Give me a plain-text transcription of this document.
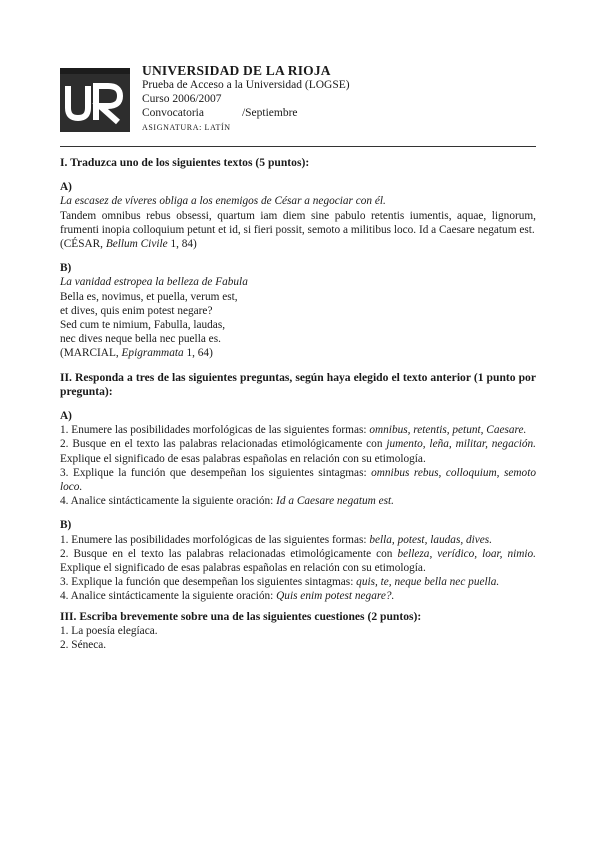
UNIVERSIDAD DE LA RIOJA
Prueba de Acceso a la Universidad (LOGSE)
Curso 2006/2007
Convocatoria	/Septiembre
ASIGNATURA: LATÍN

I. Traduzca uno de los siguientes textos (5 puntos):

A)

La escasez de víveres obliga a los enemigos de César a negociar con él.

Tandem omnibus rebus obsessi, quartum iam diem sine pabulo retentis iumentis, aquae, lignorum, frumenti inopia colloquium petunt et id, si fieri possit, semoto a militibus loco. Id a Caesare negatum est.

(CÉSAR, Bellum Civile 1, 84)

B)

La vanidad estropea la belleza de Fabula

Bella es, novimus, et puella, verum est,

et dives, quis enim potest negare?

Sed cum te nimium, Fabulla, laudas,

nec dives neque bella nec puella es.

(MARCIAL, Epigrammata 1, 64)

II. Responda a tres de las siguientes preguntas, según haya elegido el texto anterior (1 punto por pregunta):

A)

1. Enumere las posibilidades morfológicas de las siguientes formas: omnibus, retentis, petunt, Caesare.

2. Busque en el texto las palabras relacionadas etimológicamente con jumento, leña, militar, negación. Explique el significado de esas palabras españolas en relación con su etimología.

3. Explique la función que desempeñan los siguientes sintagmas: omnibus rebus, colloquium, semoto loco.

4. Analice sintácticamente la siguiente oración: Id a Caesare negatum est.

B)

1. Enumere las posibilidades morfológicas de las siguientes formas: bella, potest, laudas, dives.

2. Busque en el texto las palabras relacionadas etimológicamente con belleza, verídico, loar, nimio. Explique el significado de esas palabras españolas en relación con su etimología.

3. Explique la función que desempeñan los siguientes sintagmas: quis, te, neque bella nec puella.

4. Analice sintácticamente la siguiente oración: Quis enim potest negare?.

III. Escriba brevemente sobre una de las siguientes cuestiones (2 puntos):

1. La poesía elegíaca.

2. Séneca.
